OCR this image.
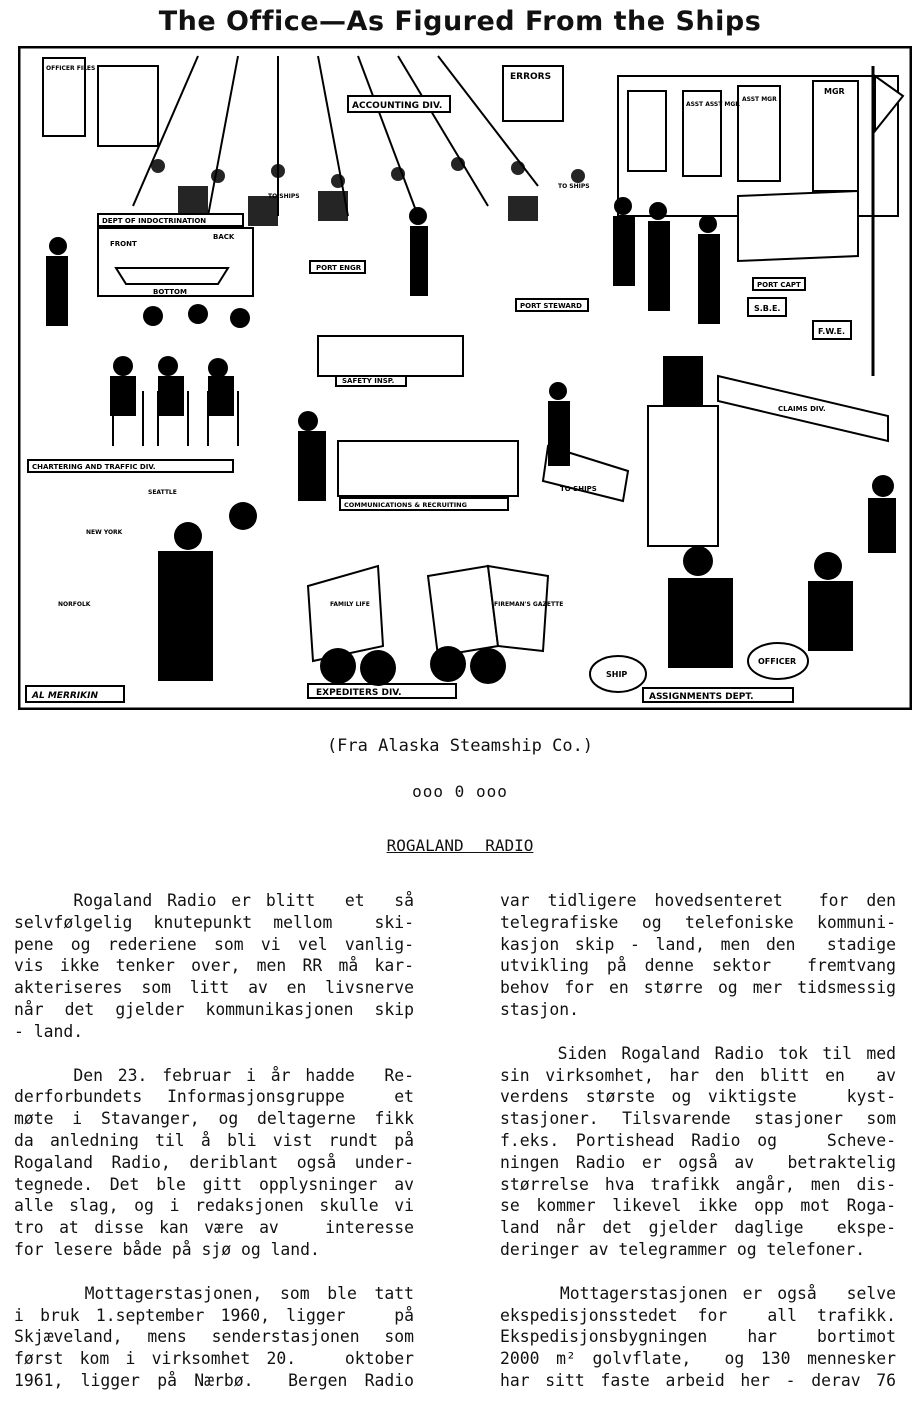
The Office—As Figured From the Ships
OFFICER FILES
ERRORS
ACCOUNTING DIV.	ASST ASST MGR
ASST MGR
MGR
DEPT OF INDOCTRINATION
FRONT
BACK
BOTTOM
CHARTERING AND TRAFFIC DIV.
SEATTLE
NEW YORK
NORFOLK
PORT ENGR
PORT STEWARD
SAFETY INSP.
PORT CAPT
S.B.E.
F.W.E.
CLAIMS DIV.
COMMUNICATIONS & RECRUITING
TO SHIPS
TO SHIPS
TO SHIPS
EXPEDITERS DIV.
FAMILY LIFE	FIREMAN'S GAZETTE
ASSIGNMENTS DEPT.
SHIP
OFFICER
AL MERRIKIN
(Fra Alaska Steamship Co.)
ooo 0 ooo
ROGALAND RADIO
Rogaland Radio er blitt  et  så
selvfølgelig knutepunkt mellom  ski-
pene og rederiene som vi vel vanlig-
vis ikke tenker over, men RR må kar-
akteriseres som litt av en livsnerve
når det gjelder kommunikasjonen skip
- land.
Den 23. februar i år hadde  Re-
derforbundets Informasjonsgruppe  et
møte i Stavanger, og deltagerne fikk
da anledning til å bli vist rundt på
Rogaland Radio, deriblant også under-
tegnede. Det ble gitt opplysninger av
alle slag, og i redaksjonen skulle vi
tro at disse kan være av   interesse
for lesere både på sjø og land.
Mottagerstasjonen, som ble tatt
i bruk 1.september 1960, ligger   på
Skjæveland, mens senderstasjonen som
først kom i virksomhet 20.   oktober
1961, ligger på Nærbø.  Bergen Radio
var tidligere hovedsenteret  for den
telegrafiske og telefoniske kommuni-
kasjon skip - land, men den  stadige
utvikling på denne sektor  fremtvang
behov for en større og mer tidsmessig
stasjon.
Siden Rogaland Radio tok til med
sin virksomhet, har den blitt en  av
verdens største og viktigste   kyst-
stasjoner. Tilsvarende stasjoner som
f.eks. Portishead Radio og   Scheve-
ningen Radio er også av  betraktelig
størrelse hva trafikk angår, men dis-
se kommer likevel ikke opp mot Roga-
land når det gjelder daglige  ekspe-
deringer av telegrammer og telefoner.
Mottagerstasjonen er også  selve
ekspedisjonsstedet for  all trafikk.
Ekspedisjonsbygningen  har  bortimot
2000 m² golvflate,  og 130 mennesker
har sitt faste arbeid her - derav 76
